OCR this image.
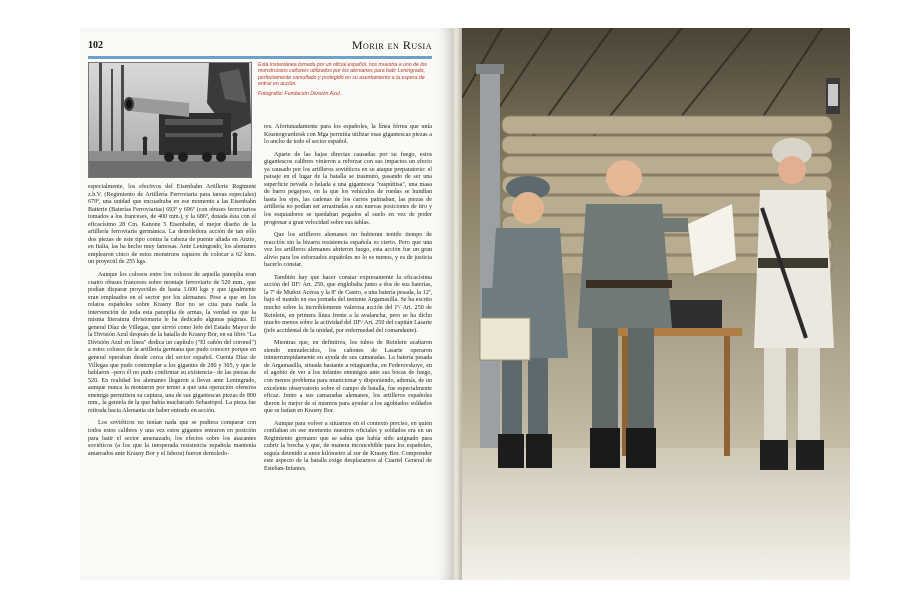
102	Morir en Rusia
Esta instantánea tomada por un oficial español, nos muestra a uno de los monstruosos cañones utilizados por los alemanes para batir Leningrado, perfectamente camuflado y protegido en su asentamiento a la espera de entrar en acción.
Fotografía: Fundación División Azul.

especialmente, los efectivos del Eisenbahn Artillerie Regiment z.b.V. (Regimiento de Artillería Ferroviaria para tareas especiales) 679º, una unidad que encuadraba en ese momento a las Eisenbahn Batterie (Baterías Ferroviarias) 693º y 696º (con obuses ferroviarios tomados a los franceses, de 400 mm.), y la 686º, dotada ésta con el eficacísimo 28 Cm. Kanone 5 Eisenbahn, el mejor diseño de la artillería ferroviaria germánica. La demoledora acción de tan sólo dos piezas de este tipo contra la cabeza de puente aliada en Anzio, en Italia, las ha hecho muy famosas. Ante Leningrado, los alemanes emplearon cinco de estos monstruos capaces de colocar a 62 kms. un proyectil de 255 kgs.

Aunque los colosos entre los colosos de aquella panoplia eran cuatro obuses franceses sobre montaje ferroviario de 520 mm., que podían disparar proyectiles de hasta 1.600 kgs y que igualmente eran empleados en el sector por los alemanes. Pese a que en los relatos españoles sobre Krasny Bor no se cita para nada la intervención de toda esta panoplia de armas, la verdad es que la misma literatura divisionaria le ha dedicado algunas páginas. El general Díaz de Villegas, que sirvió como Jefe del Estado Mayor de la División Azul después de la batalla de Krasny Bor, en su libro "La División Azul en línea" dedica un capítulo ("El cañón del coronel") a estos colosos de la artillería germana que pudo conocer porque en general operaban desde cerca del sector español. Cuenta Díaz de Villegas que pudo contemplar a los gigantes de 280 y 305, y que le hablaron –pero él no pudo confirmar su existencia– de las piezas de 520. En realidad los alemanes llegaron a llevar ante Leningrado, aunque nunca la montaron por temer a que una operación ofensiva enemiga permitiera su captura, una de sus gigantescas piezas de 800 mm., la gemela de la que había machacado Sebastopol. La pieza fue retirada hacia Alemania sin haber entrado en acción.

Los soviéticos no tenían nada que se pudiera comparar con todos estos calibres y una vez estos gigantes entraron en posición para batir el sector amenazado, los efectos sobre los atacantes soviéticos (a los que la inesperada resistencia española mantenía amarrados ante Krasny Bor y el Ishora) fueron demoledo-

res. Afortunadamente para los españoles, la línea férrea que unía Krasnogvardeisk con Mga permitía utilizar esas gigantescas piezas a lo ancho de todo el sector español.

Aparte de las bajas directas causadas por su fuego, estos gigantescos calibres vinieron a reforzar con sus impactos un efecto ya causado por los artilleros soviéticos en su ataque preparatorio: el paisaje en el lugar de la batalla se trasmutó, pasando de ser una superficie nevada o helada a una gigantesca "raspútitsa", una masa de barro pegajoso, en la que los vehículos de ruedas se hundían hasta los ejes, las cadenas de los carros patinaban, las piezas de artillería no podían ser arrastradas a sus nuevas posiciones de tiro y los esquiadores se quedaban pegados al suelo en vez de poder progresar a gran velocidad sobre sus tablas.

Que los artilleros alemanes no hubieran tenido tiempo de reacción sin la bizarra resistencia española es cierto. Pero que una vez los artilleros alemanes abrieron fuego, esta acción fue un gran alivio para los esforzados españoles no lo es menos, y es de justicia hacerlo constar.

También hay que hacer constar expresamente la eficacísima acción del IIIº/ Art. 250, que englobaba junto a dos de sus baterías, la 7ª de Muñoz Aceras y la 8ª de Castro, a una batería pesada, la 12ª, bajo el mando en esa jornada del teniente Argamasilla. Se ha escrito mucho sobre la increíblemente valerosa acción del Iº/ Art. 250 de Reinlein, en primera línea frente a la avalancha, pero se ha dicho mucho menos sobre la actividad del IIIº/ Art. 250 del capitán Lasarte (jefe accidental de la unidad, por enfermedad del comandante).

Mientras que, en definitiva, los tubos de Reinlein acabaron siendo enmudecidos, los cañones de Lasarte operaron ininterrumpidamente en ayuda de sus camaradas. La batería pesada de Argamasilla, situada bastante a retaguardia, en Federovskoye, en el agobio de ver a los infantes enemigos ante sus bocas de fuego, con menos problema para municionar y disponiendo, además, de un excelente observatorio sobre el campo de batalla, fue especialmente eficaz. Junto a sus camaradas alemanes, los artilleros españoles dieron lo mejor de sí mismos para ayudar a los agobiados soldados que se batían en Krasny Bor.

Aunque para volver a situarnos en el contexto preciso, en quien confiaban en ese momento nuestros oficiales y soldados era en un Regimiento germano que se sabía que había sido asignado para cubrir la brecha y que, de manera inconcebible para los españoles, seguía detenido a unos kilómetro al sur de Krasny Bor. Comprender este aspecto de la batalla exige desplazarnos al Cuartel General de Esteban-Infantes.
